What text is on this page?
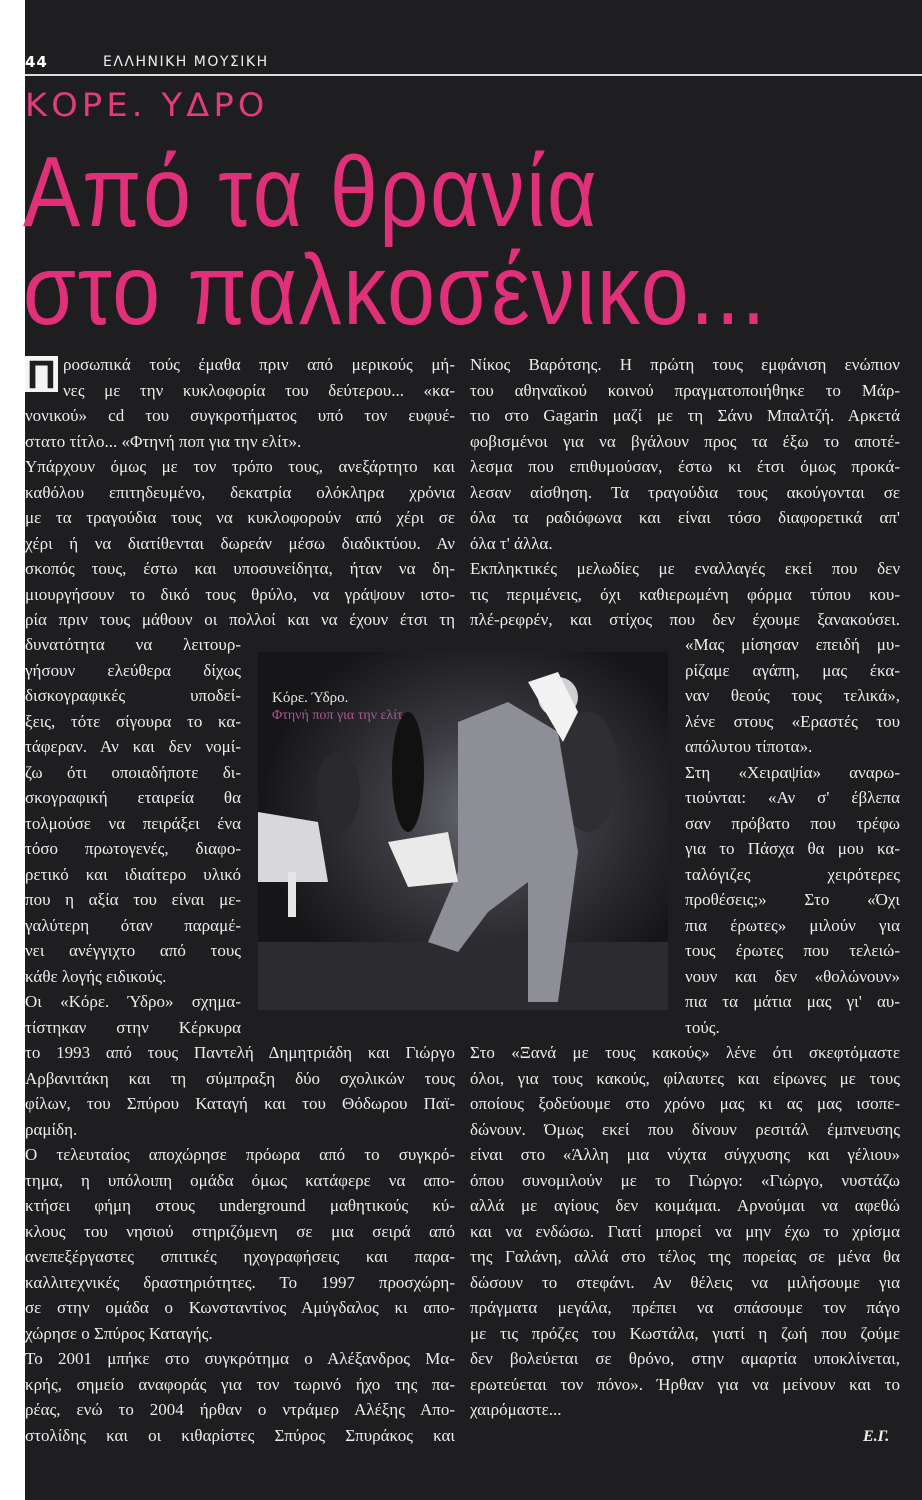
44	ΕΛΛΗΝΙΚΗ ΜΟΥΣΙΚΗ
ΚΟΡΕ. ΥΔΡΟ
Από τα θρανία
στο παλκοσένικο...
Π ροσωπικά τούς έμαθα πριν από μερικούς μή-
νες με την κυκλοφορία του δεύτερου... «κα-
νονικού» cd του συγκροτήματος υπό τον ευφυέ-
στατο τίτλο... «Φτηνή ποπ για την ελίτ».
Υπάρχουν όμως με τον τρόπο τους, ανεξάρτητο και
καθόλου επιτηδευμένο, δεκατρία ολόκληρα χρόνια
με τα τραγούδια τους να κυκλοφορούν από χέρι σε
χέρι ή να διατίθενται δωρεάν μέσω διαδικτύου. Αν
σκοπός τους, έστω και υποσυνείδητα, ήταν να δη-
μιουργήσουν το δικό τους θρύλο, να γράψουν ιστο-
ρία πριν τους μάθουν οι πολλοί και να έχουν έτσι τη
δυνατότητα να λειτουρ-
γήσουν ελεύθερα δίχως
δισκογραφικές υποδεί-
ξεις, τότε σίγουρα το κα-
τάφεραν. Αν και δεν νομί-
ζω ότι οποιαδήποτε δι-
σκογραφική εταιρεία θα
τολμούσε να πειράξει ένα
τόσο πρωτογενές, διαφο-
ρετικό και ιδιαίτερο υλικό
που η αξία του είναι με-
γαλύτερη όταν παραμέ-
νει ανέγγιχτο από τους
κάθε λογής ειδικούς.
Οι «Κόρε. Ύδρο» σχημα-
τίστηκαν στην Κέρκυρα
το 1993 από τους Παντελή Δημητριάδη και Γιώργο
Αρβανιτάκη και τη σύμπραξη δύο σχολικών τους
φίλων, του Σπύρου Καταγή και του Θόδωρου Παϊ-
ραμίδη.
Ο τελευταίος αποχώρησε πρόωρα από το συγκρό-
τημα, η υπόλοιπη ομάδα όμως κατάφερε να απο-
κτήσει φήμη στους underground μαθητικούς κύ-
κλους του νησιού στηριζόμενη σε μια σειρά από
ανεπεξέργαστες σπιτικές ηχογραφήσεις και παρα-
καλλιτεχνικές δραστηριότητες. Το 1997 προσχώρη-
σε στην ομάδα ο Κωνσταντίνος Αμύγδαλος κι απο-
χώρησε ο Σπύρος Καταγής.
Το 2001 μπήκε στο συγκρότημα ο Αλέξανδρος Μα-
κρής, σημείο αναφοράς για τον τωρινό ήχο της πα-
ρέας, ενώ το 2004 ήρθαν ο ντράμερ Αλέξης Απο-
στολίδης και οι κιθαρίστες Σπύρος Σπυράκος και
Νίκος Βαρότσης. Η πρώτη τους εμφάνιση ενώπιον
του αθηναϊκού κοινού πραγματοποιήθηκε το Μάρ-
τιο στο Gagarin μαζί με τη Σάνυ Μπαλτζή. Αρκετά
φοβισμένοι για να βγάλουν προς τα έξω το αποτέ-
λεσμα που επιθυμούσαν, έστω κι έτσι όμως προκά-
λεσαν αίσθηση. Τα τραγούδια τους ακούγονται σε
όλα τα ραδιόφωνα και είναι τόσο διαφορετικά απ'
όλα τ' άλλα.
Εκπληκτικές μελωδίες με εναλλαγές εκεί που δεν
τις περιμένεις, όχι καθιερωμένη φόρμα τύπου κου-
πλέ-ρεφρέν, και στίχος που δεν έχουμε ξανακούσει.
«Μας μίσησαν επειδή μυ-
ρίζαμε αγάπη, μας έκα-
ναν θεούς τους τελικά»,
λένε στους «Εραστές του
απόλυτου τίποτα».
Στη «Χειραψία» αναρω-
τιούνται: «Αν σ' έβλεπα
σαν πρόβατο που τρέφω
για το Πάσχα θα μου κα-
ταλόγιζες χειρότερες
προθέσεις;» Στο «Όχι
πια έρωτες» μιλούν για
τους έρωτες που τελειώ-
νουν και δεν «θολώνουν»
πια τα μάτια μας γι' αυ-
τούς.
Στο «Ξανά με τους κακούς» λένε ότι σκεφτόμαστε
όλοι, για τους κακούς, φίλαυτες και είρωνες με τους
οποίους ξοδεύουμε στο χρόνο μας κι ας μας ισοπε-
δώνουν. Όμως εκεί που δίνουν ρεσιτάλ έμπνευσης
είναι στο «Άλλη μια νύχτα σύγχυσης και γέλιου»
όπου συνομιλούν με το Γιώργο: «Γιώργο, νυστάζω
αλλά με αγίους δεν κοιμάμαι. Αρνούμαι να αφεθώ
και να ενδώσω. Γιατί μπορεί να μην έχω το χρίσμα
της Γαλάνη, αλλά στο τέλος της πορείας σε μένα θα
δώσουν το στεφάνι. Αν θέλεις να μιλήσουμε για
πράγματα μεγάλα, πρέπει να σπάσουμε τον πάγο
με τις πρόζες του Κωστάλα, γιατί η ζωή που ζούμε
δεν βολεύεται σε θρόνο, στην αμαρτία υποκλίνεται,
ερωτεύεται τον πόνο». Ήρθαν για να μείνουν και το
χαιρόμαστε...
Κόρε. Ύδρο.
Φτηνή ποπ για την ελίτ
Ε.Γ.
